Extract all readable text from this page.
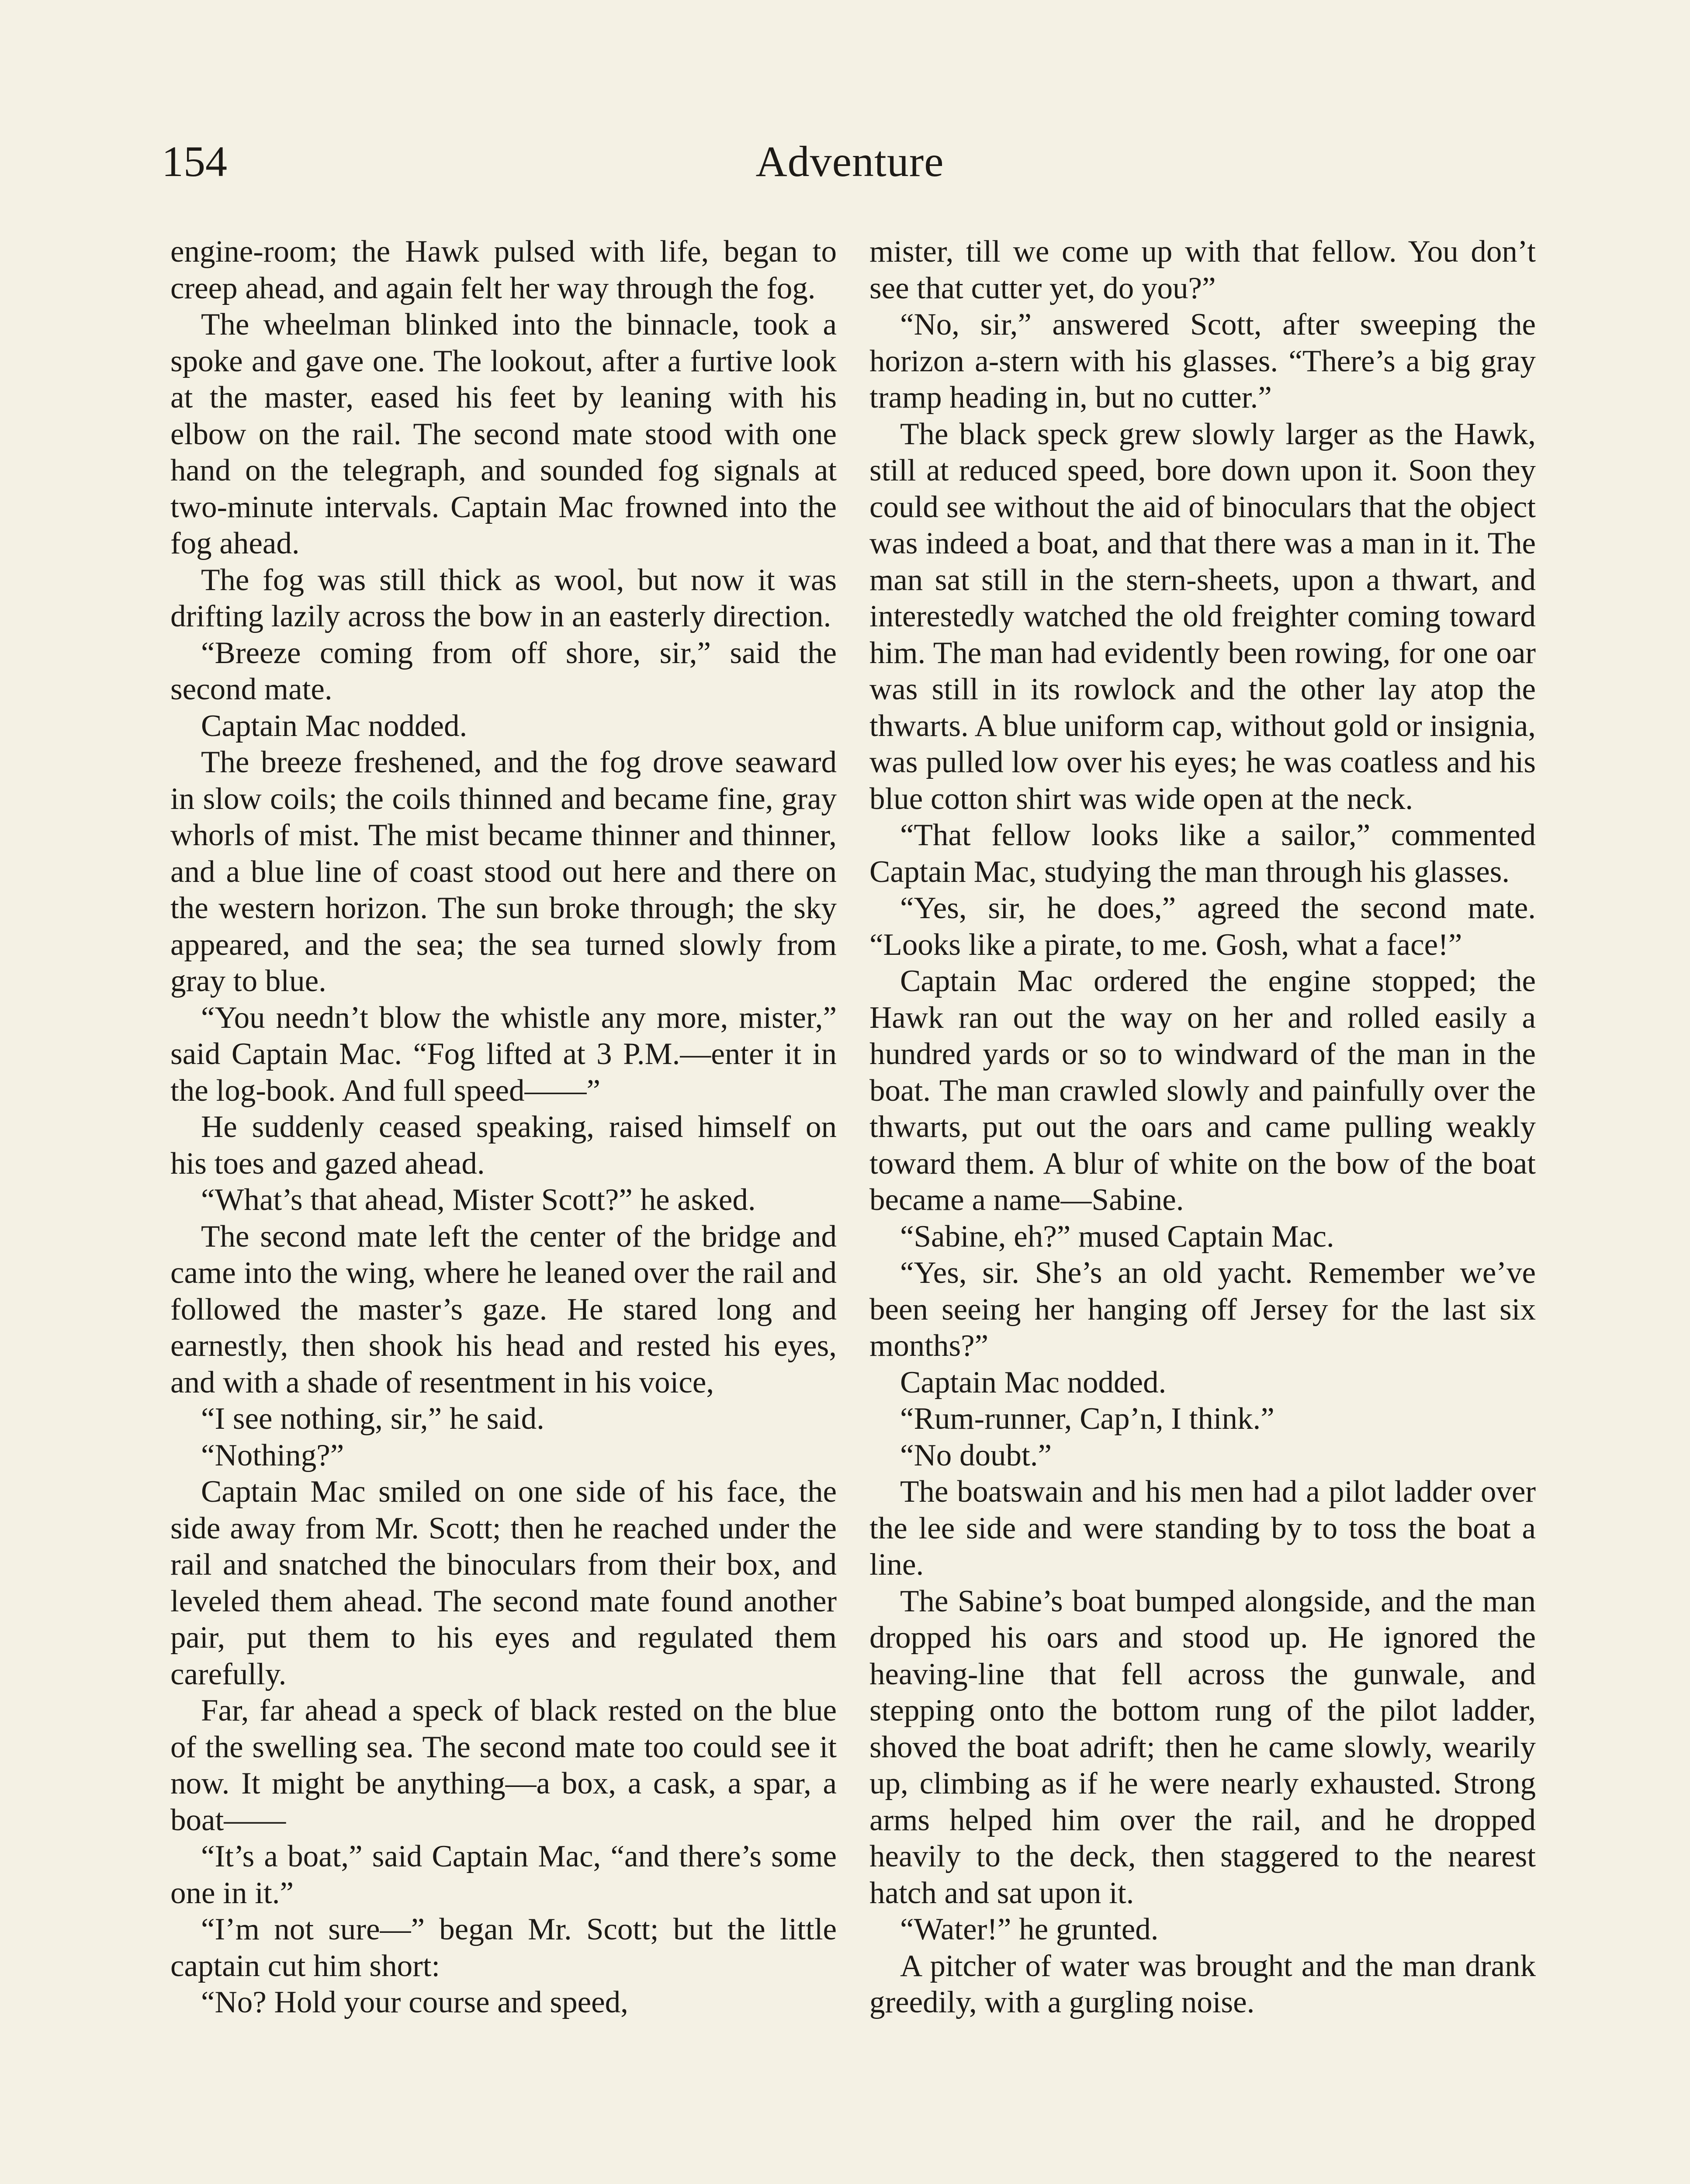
154	Adventure

engine-room; the Hawk pulsed with life, began to creep ahead, and again felt her way through the fog.

The wheelman blinked into the binnacle, took a spoke and gave one. The lookout, after a furtive look at the master, eased his feet by leaning with his elbow on the rail. The second mate stood with one hand on the telegraph, and sounded fog signals at two-minute intervals. Captain Mac frowned into the fog ahead.

The fog was still thick as wool, but now it was drifting lazily across the bow in an easterly direction.

“Breeze coming from off shore, sir,” said the second mate.

Captain Mac nodded.

The breeze freshened, and the fog drove seaward in slow coils; the coils thinned and became fine, gray whorls of mist. The mist became thinner and thinner, and a blue line of coast stood out here and there on the western horizon. The sun broke through; the sky appeared, and the sea; the sea turned slowly from gray to blue.

“You needn’t blow the whistle any more, mister,” said Captain Mac. “Fog lifted at 3 P.M.—enter it in the log-book. And full speed——”

He suddenly ceased speaking, raised himself on his toes and gazed ahead.

“What’s that ahead, Mister Scott?” he asked.

The second mate left the center of the bridge and came into the wing, where he leaned over the rail and followed the master’s gaze. He stared long and earnestly, then shook his head and rested his eyes, and with a shade of resentment in his voice,

“I see nothing, sir,” he said.

“Nothing?”

Captain Mac smiled on one side of his face, the side away from Mr. Scott; then he reached under the rail and snatched the binoculars from their box, and leveled them ahead. The second mate found another pair, put them to his eyes and regulated them carefully.

Far, far ahead a speck of black rested on the blue of the swelling sea. The second mate too could see it now. It might be anything—a box, a cask, a spar, a boat——

“It’s a boat,” said Captain Mac, “and there’s some one in it.”

“I’m not sure—” began Mr. Scott; but the little captain cut him short:

“No? Hold your course and speed,

mister, till we come up with that fellow. You don’t see that cutter yet, do you?”

“No, sir,” answered Scott, after sweeping the horizon a-stern with his glasses. “There’s a big gray tramp heading in, but no cutter.”

The black speck grew slowly larger as the Hawk, still at reduced speed, bore down upon it. Soon they could see without the aid of binoculars that the object was indeed a boat, and that there was a man in it. The man sat still in the stern-sheets, upon a thwart, and interestedly watched the old freighter coming toward him. The man had evidently been rowing, for one oar was still in its rowlock and the other lay atop the thwarts. A blue uniform cap, without gold or insignia, was pulled low over his eyes; he was coatless and his blue cotton shirt was wide open at the neck.

“That fellow looks like a sailor,” commented Captain Mac, studying the man through his glasses.

“Yes, sir, he does,” agreed the second mate. “Looks like a pirate, to me. Gosh, what a face!”

Captain Mac ordered the engine stopped; the Hawk ran out the way on her and rolled easily a hundred yards or so to windward of the man in the boat. The man crawled slowly and painfully over the thwarts, put out the oars and came pulling weakly toward them. A blur of white on the bow of the boat became a name—Sabine.

“Sabine, eh?” mused Captain Mac.

“Yes, sir. She’s an old yacht. Remember we’ve been seeing her hanging off Jersey for the last six months?”

Captain Mac nodded.

“Rum-runner, Cap’n, I think.”

“No doubt.”

The boatswain and his men had a pilot ladder over the lee side and were standing by to toss the boat a line.

The Sabine’s boat bumped alongside, and the man dropped his oars and stood up. He ignored the heaving-line that fell across the gunwale, and stepping onto the bottom rung of the pilot ladder, shoved the boat adrift; then he came slowly, wearily up, climbing as if he were nearly exhausted. Strong arms helped him over the rail, and he dropped heavily to the deck, then staggered to the nearest hatch and sat upon it.

“Water!” he grunted.

A pitcher of water was brought and the man drank greedily, with a gurgling noise.
